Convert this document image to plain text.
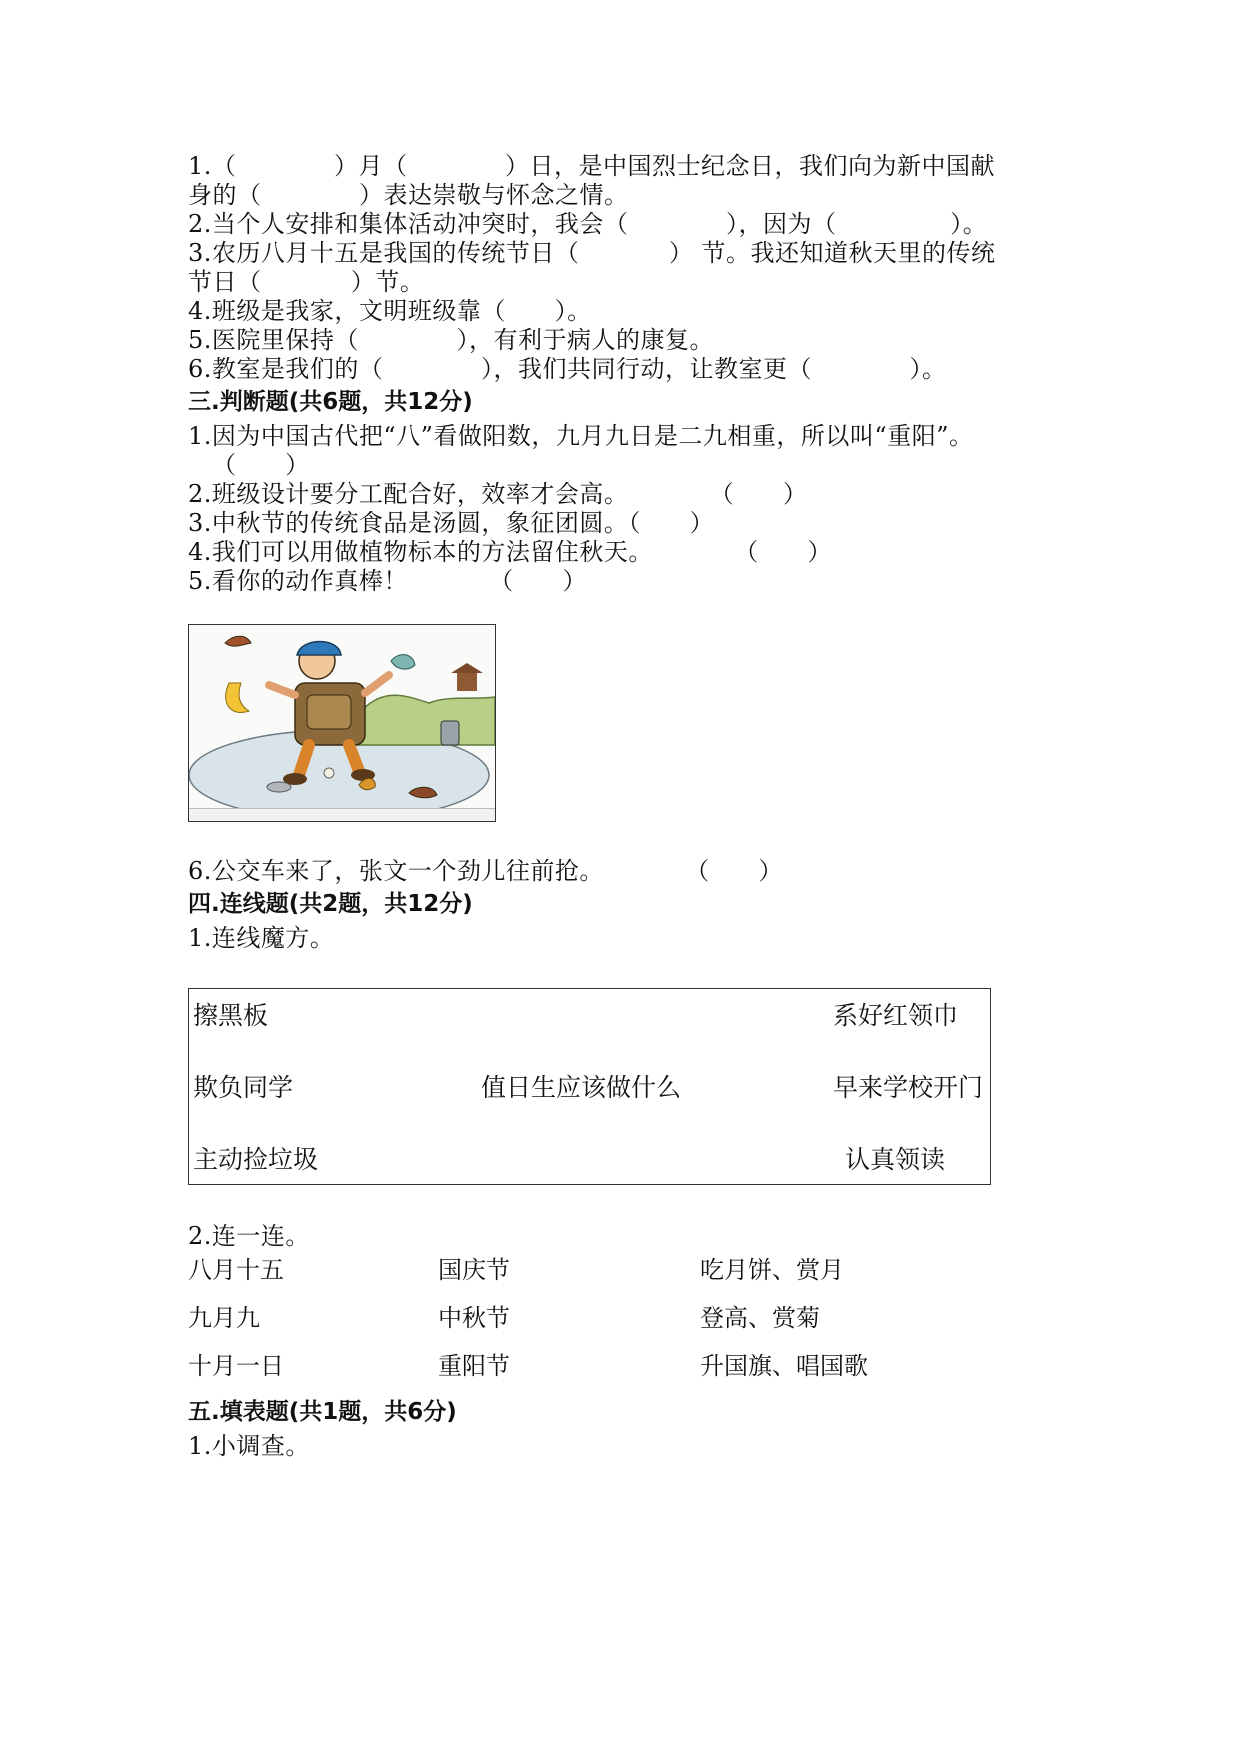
1.（            ）月（            ）日，是中国烈士纪念日，我们向为新中国献
身的（            ）表达崇敬与怀念之情。
2.当个人安排和集体活动冲突时，我会（            ），因为（              ）。
3.农历八月十五是我国的传统节日（           ） 节。我还知道秋天里的传统
节日（           ）节。
4.班级是我家，文明班级靠（      ）。
5.医院里保持（            ），有利于病人的康复。
6.教室是我们的（            ），我们共同行动，让教室更（            ）。
三.判断题(共6题，共12分)
1.因为中国古代把“八”看做阳数，九月九日是二九相重，所以叫“重阳”。
（      ）
2.班级设计要分工配合好，效率才会高。          （      ）
3.中秋节的传统食品是汤圆，象征团圆。（      ）
4.我们可以用做植物标本的方法留住秋天。          （      ）
5.看你的动作真棒！          （      ）
6.公交车来了，张文一个劲儿往前抢。          （      ）
四.连线题(共2题，共12分)
1.连线魔方。
擦黑板
欺负同学
主动捡垃圾
值日生应该做什么
系好红领巾
早来学校开门
认真领读
2.连一连。
八月十五
九月九
十月一日
国庆节
中秋节
重阳节
吃月饼、赏月
登高、赏菊
升国旗、唱国歌
五.填表题(共1题，共6分)
1.小调查。
